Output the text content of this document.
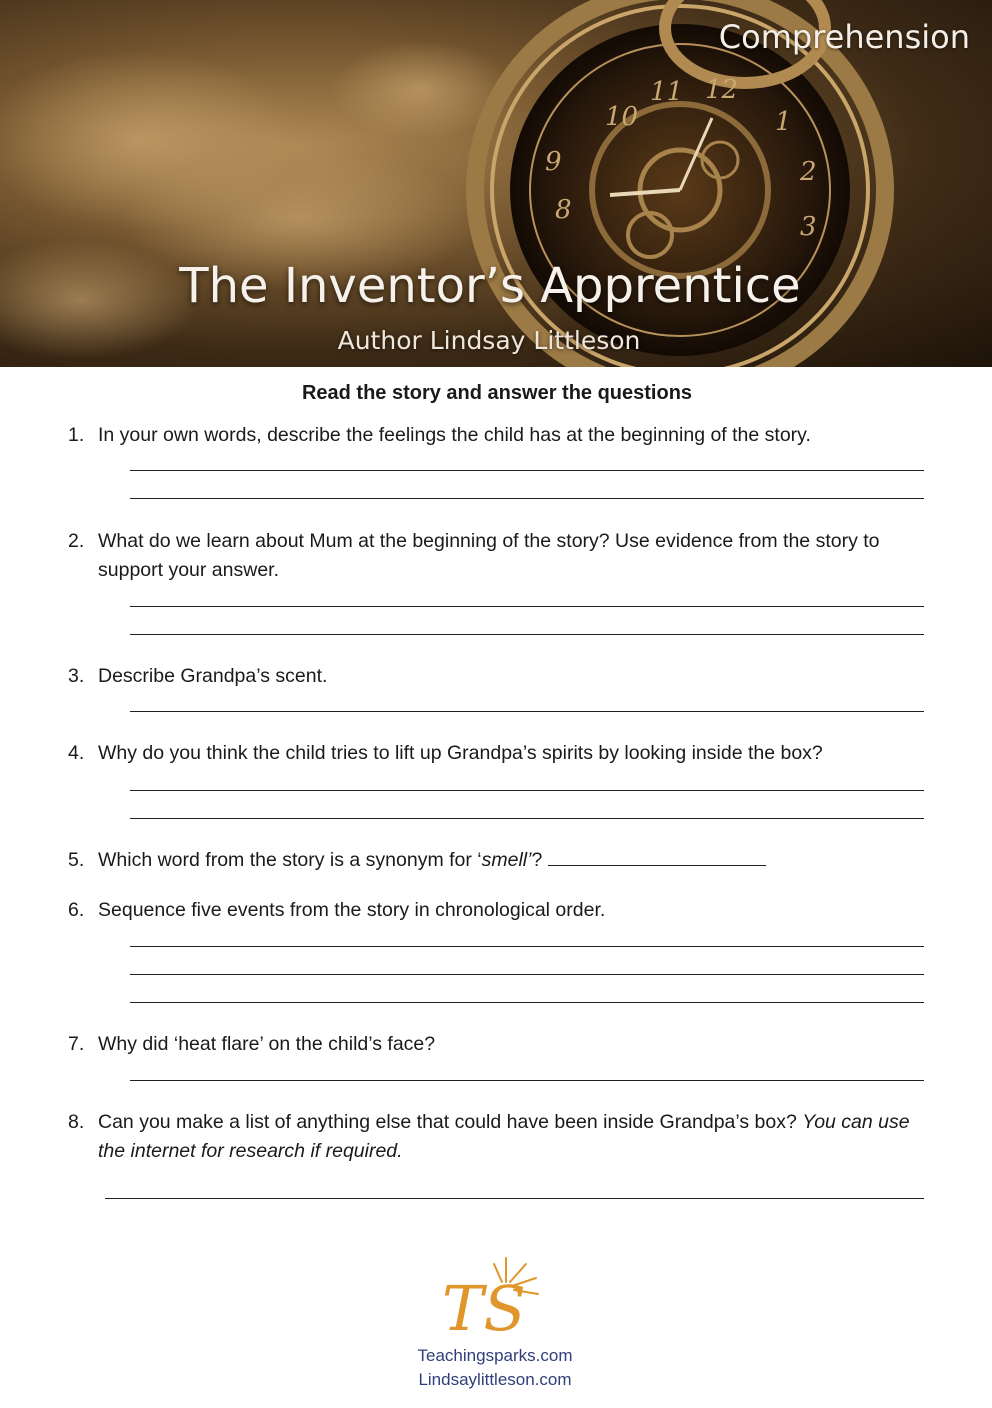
10
11 12
1
2
3
9
8
Comprehension
The Inventor’s Apprentice
Author Lindsay Littleson
Read the story and answer the questions
1. In your own words, describe the feelings the child has at the beginning of the story.
2. What do we learn about Mum at the beginning of the story? Use evidence from the story to support your answer.
3. Describe Grandpa’s scent.
4. Why do you think the child tries to lift up Grandpa’s spirits by looking inside the box?
5. Which word from the story is a synonym for ‘smell’?
6. Sequence five events from the story in chronological order.
7. Why did ‘heat flare’ on the child’s face?
8. Can you make a list of anything else that could have been inside Grandpa’s box? You can use the internet for research if required.
TS
Teachingsparks.com
Lindsaylittleson.com
